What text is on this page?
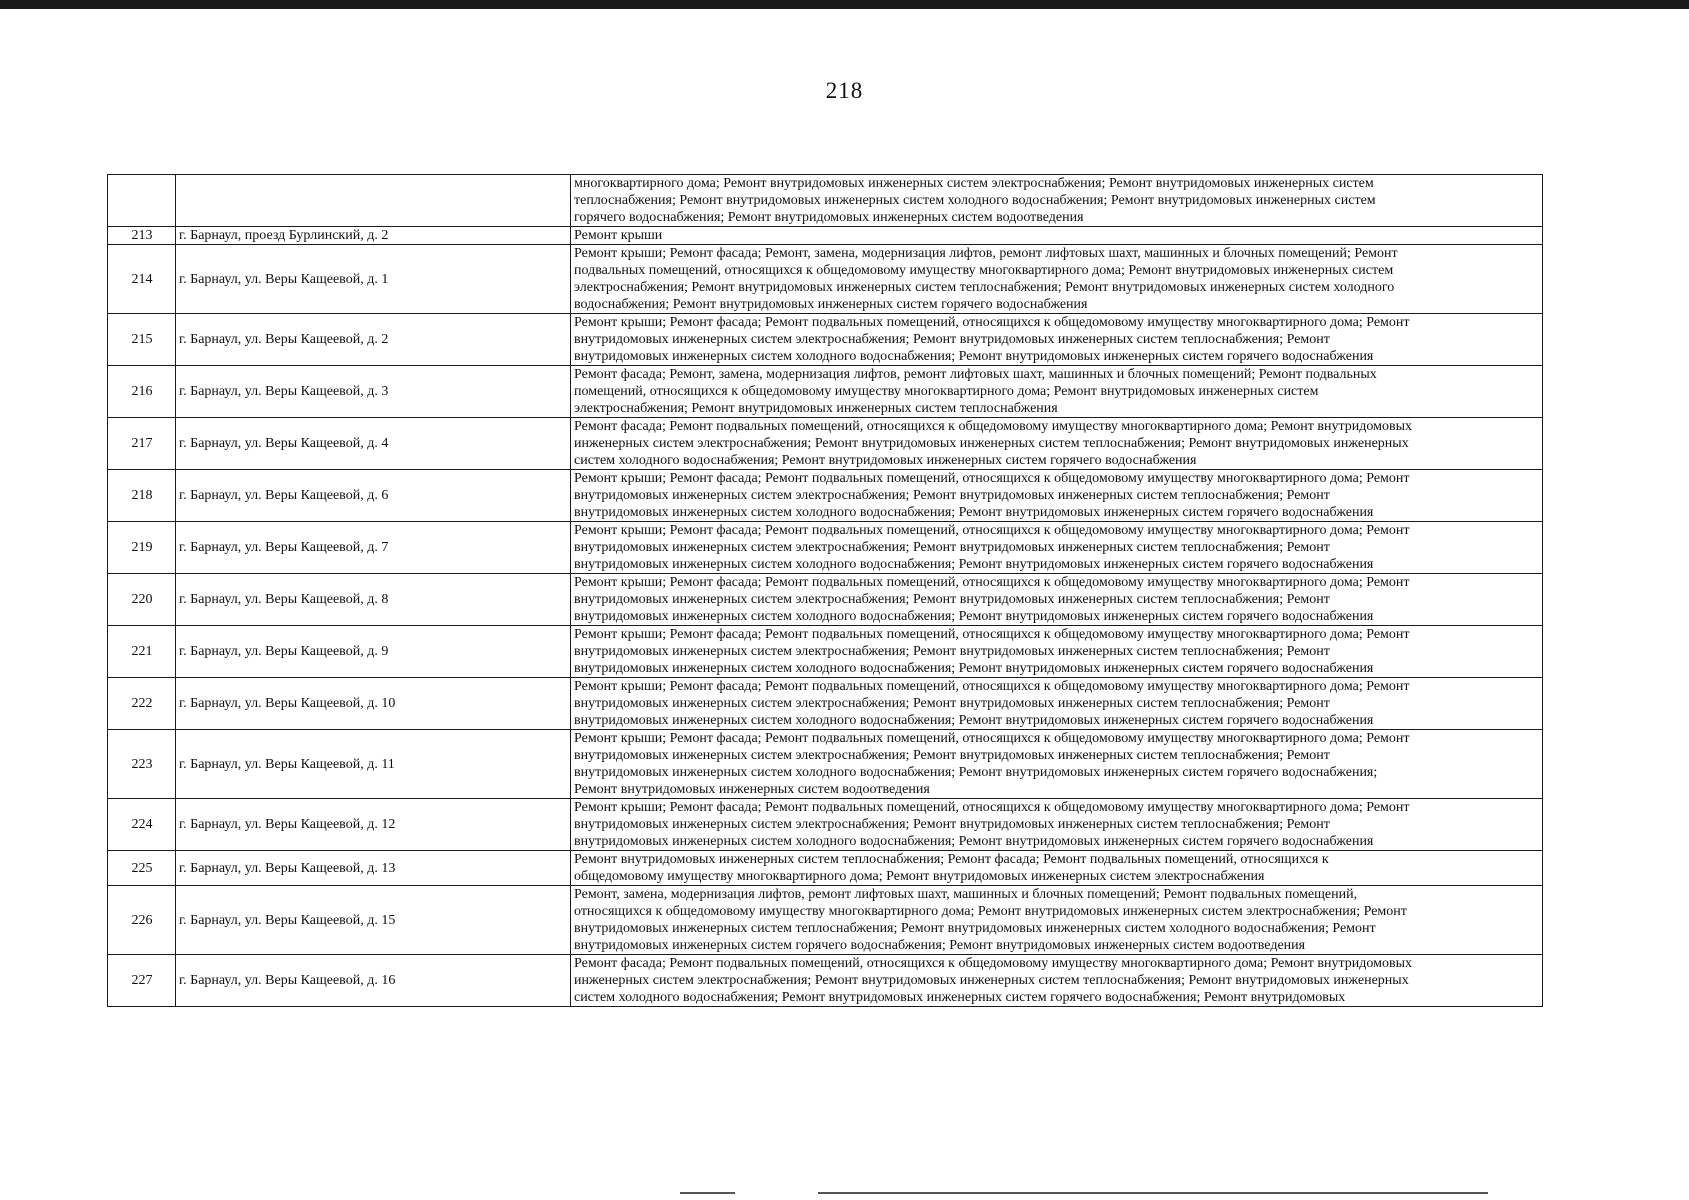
218

		многоквартирного дома; Ремонт внутридомовых инженерных систем электроснабжения; Ремонт внутридомовых инженерных систем
теплоснабжения; Ремонт внутридомовых инженерных систем холодного водоснабжения; Ремонт внутридомовых инженерных систем
горячего водоснабжения; Ремонт внутридомовых инженерных систем водоотведения

213	г. Барнаул, проезд Бурлинский, д. 2	Ремонт крыши

214	г. Барнаул, ул. Веры Кащеевой, д. 1	Ремонт крыши; Ремонт фасада; Ремонт, замена, модернизация лифтов, ремонт лифтовых шахт, машинных и блочных помещений; Ремонт
подвальных помещений, относящихся к общедомовому имуществу многоквартирного дома; Ремонт внутридомовых инженерных систем
электроснабжения; Ремонт внутридомовых инженерных систем теплоснабжения; Ремонт внутридомовых инженерных систем холодного
водоснабжения; Ремонт внутридомовых инженерных систем горячего водоснабжения

215	г. Барнаул, ул. Веры Кащеевой, д. 2	Ремонт крыши; Ремонт фасада; Ремонт подвальных помещений, относящихся к общедомовому имуществу многоквартирного дома; Ремонт
внутридомовых инженерных систем электроснабжения; Ремонт внутридомовых инженерных систем теплоснабжения; Ремонт
внутридомовых инженерных систем холодного водоснабжения; Ремонт внутридомовых инженерных систем горячего водоснабжения

216	г. Барнаул, ул. Веры Кащеевой, д. 3	Ремонт фасада; Ремонт, замена, модернизация лифтов, ремонт лифтовых шахт, машинных и блочных помещений; Ремонт подвальных
помещений, относящихся к общедомовому имуществу многоквартирного дома; Ремонт внутридомовых инженерных систем
электроснабжения; Ремонт внутридомовых инженерных систем теплоснабжения

217	г. Барнаул, ул. Веры Кащеевой, д. 4	Ремонт фасада; Ремонт подвальных помещений, относящихся к общедомовому имуществу многоквартирного дома; Ремонт внутридомовых
инженерных систем электроснабжения; Ремонт внутридомовых инженерных систем теплоснабжения; Ремонт внутридомовых инженерных
систем холодного водоснабжения; Ремонт внутридомовых инженерных систем горячего водоснабжения

218	г. Барнаул, ул. Веры Кащеевой, д. 6	Ремонт крыши; Ремонт фасада; Ремонт подвальных помещений, относящихся к общедомовому имуществу многоквартирного дома; Ремонт
внутридомовых инженерных систем электроснабжения; Ремонт внутридомовых инженерных систем теплоснабжения; Ремонт
внутридомовых инженерных систем холодного водоснабжения; Ремонт внутридомовых инженерных систем горячего водоснабжения

219	г. Барнаул, ул. Веры Кащеевой, д. 7	Ремонт крыши; Ремонт фасада; Ремонт подвальных помещений, относящихся к общедомовому имуществу многоквартирного дома; Ремонт
внутридомовых инженерных систем электроснабжения; Ремонт внутридомовых инженерных систем теплоснабжения; Ремонт
внутридомовых инженерных систем холодного водоснабжения; Ремонт внутридомовых инженерных систем горячего водоснабжения

220	г. Барнаул, ул. Веры Кащеевой, д. 8	Ремонт крыши; Ремонт фасада; Ремонт подвальных помещений, относящихся к общедомовому имуществу многоквартирного дома; Ремонт
внутридомовых инженерных систем электроснабжения; Ремонт внутридомовых инженерных систем теплоснабжения; Ремонт
внутридомовых инженерных систем холодного водоснабжения; Ремонт внутридомовых инженерных систем горячего водоснабжения

221	г. Барнаул, ул. Веры Кащеевой, д. 9	Ремонт крыши; Ремонт фасада; Ремонт подвальных помещений, относящихся к общедомовому имуществу многоквартирного дома; Ремонт
внутридомовых инженерных систем электроснабжения; Ремонт внутридомовых инженерных систем теплоснабжения; Ремонт
внутридомовых инженерных систем холодного водоснабжения; Ремонт внутридомовых инженерных систем горячего водоснабжения

222	г. Барнаул, ул. Веры Кащеевой, д. 10	Ремонт крыши; Ремонт фасада; Ремонт подвальных помещений, относящихся к общедомовому имуществу многоквартирного дома; Ремонт
внутридомовых инженерных систем электроснабжения; Ремонт внутридомовых инженерных систем теплоснабжения; Ремонт
внутридомовых инженерных систем холодного водоснабжения; Ремонт внутридомовых инженерных систем горячего водоснабжения

223	г. Барнаул, ул. Веры Кащеевой, д. 11	Ремонт крыши; Ремонт фасада; Ремонт подвальных помещений, относящихся к общедомовому имуществу многоквартирного дома; Ремонт
внутридомовых инженерных систем электроснабжения; Ремонт внутридомовых инженерных систем теплоснабжения; Ремонт
внутридомовых инженерных систем холодного водоснабжения; Ремонт внутридомовых инженерных систем горячего водоснабжения;
Ремонт внутридомовых инженерных систем водоотведения

224	г. Барнаул, ул. Веры Кащеевой, д. 12	Ремонт крыши; Ремонт фасада; Ремонт подвальных помещений, относящихся к общедомовому имуществу многоквартирного дома; Ремонт
внутридомовых инженерных систем электроснабжения; Ремонт внутридомовых инженерных систем теплоснабжения; Ремонт
внутридомовых инженерных систем холодного водоснабжения; Ремонт внутридомовых инженерных систем горячего водоснабжения

225	г. Барнаул, ул. Веры Кащеевой, д. 13	Ремонт внутридомовых инженерных систем теплоснабжения; Ремонт фасада; Ремонт подвальных помещений, относящихся к
общедомовому имуществу многоквартирного дома; Ремонт внутридомовых инженерных систем электроснабжения

226	г. Барнаул, ул. Веры Кащеевой, д. 15	Ремонт, замена, модернизация лифтов, ремонт лифтовых шахт, машинных и блочных помещений; Ремонт подвальных помещений,
относящихся к общедомовому имуществу многоквартирного дома; Ремонт внутридомовых инженерных систем электроснабжения; Ремонт
внутридомовых инженерных систем теплоснабжения; Ремонт внутридомовых инженерных систем холодного водоснабжения; Ремонт
внутридомовых инженерных систем горячего водоснабжения; Ремонт внутридомовых инженерных систем водоотведения

227	г. Барнаул, ул. Веры Кащеевой, д. 16	Ремонт фасада; Ремонт подвальных помещений, относящихся к общедомовому имуществу многоквартирного дома; Ремонт внутридомовых
инженерных систем электроснабжения; Ремонт внутридомовых инженерных систем теплоснабжения; Ремонт внутридомовых инженерных
систем холодного водоснабжения; Ремонт внутридомовых инженерных систем горячего водоснабжения; Ремонт внутридомовых
